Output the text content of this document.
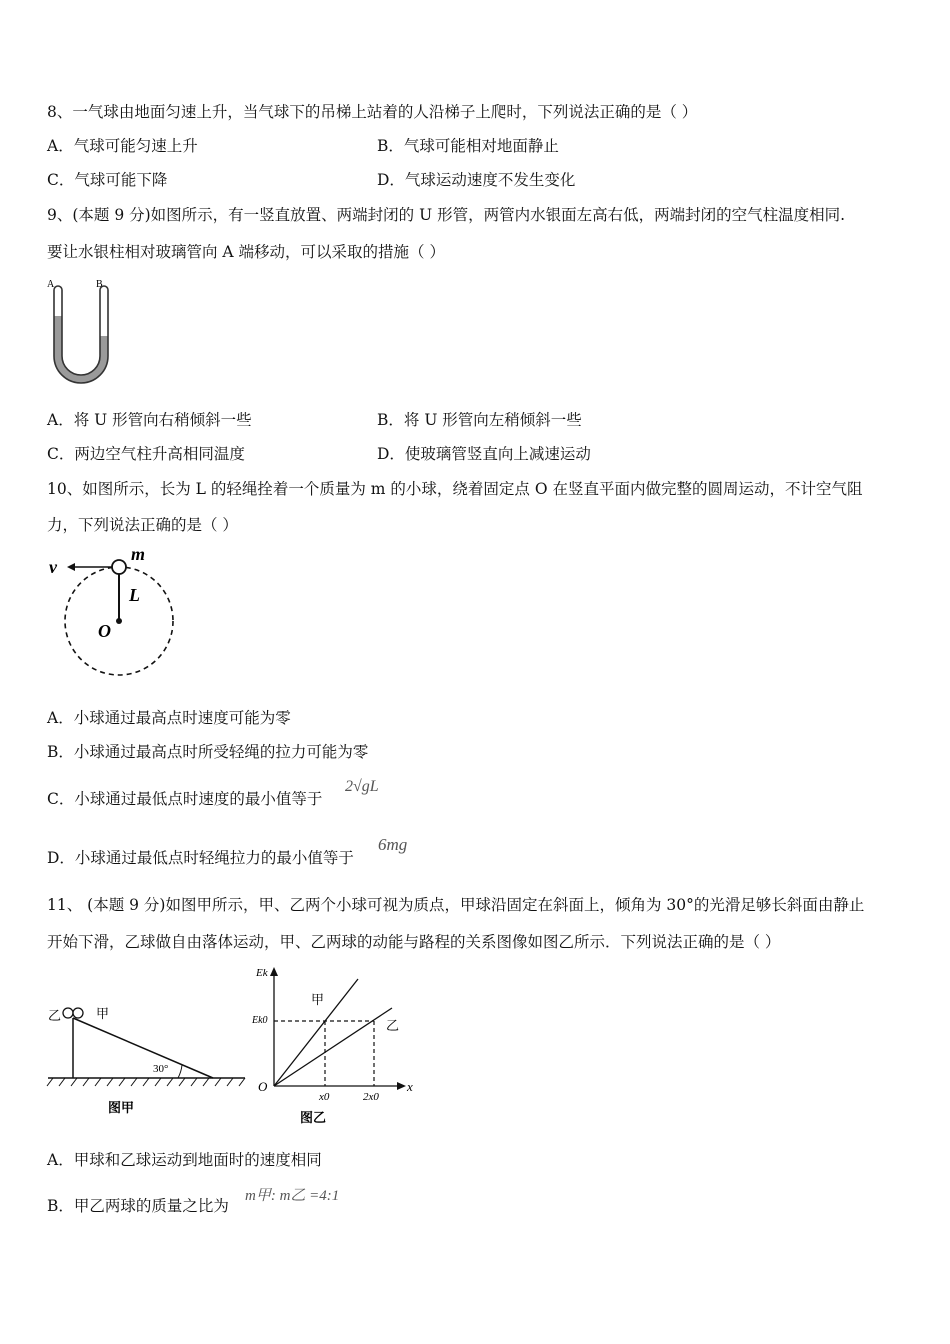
8、一气球由地面匀速上升，当气球下的吊梯上站着的人沿梯子上爬时，下列说法正确的是（ ）
A．气球可能匀速上升	B．气球可能相对地面静止
C．气球可能下降	D．气球运动速度不发生变化
9、(本题 9 分)如图所示，有一竖直放置、两端封闭的 U 形管，两管内水银面左高右低，两端封闭的空气柱温度相同.
要让水银柱相对玻璃管向 A 端移动，可以采取的措施（ ）
A	B
A．将 U 形管向右稍倾斜一些	B．将 U 形管向左稍倾斜一些
C．两边空气柱升高相同温度	D．使玻璃管竖直向上减速运动
10、如图所示，长为 L 的轻绳拴着一个质量为 m 的小球，绕着固定点 O 在竖直平面内做完整的圆周运动，不计空气阻
力，下列说法正确的是（ ）
v
m
L
O
A．小球通过最高点时速度可能为零
B．小球通过最高点时所受轻绳的拉力可能为零
C．小球通过最低点时速度的最小值等于
2√gL
D．小球通过最低点时轻绳拉力的最小值等于
6mg
11、 (本题 9 分)如图甲所示，甲、乙两个小球可视为质点，甲球沿固定在斜面上，倾角为 30°的光滑足够长斜面由静止
开始下滑，乙球做自由落体运动，甲、乙两球的动能与路程的关系图像如图乙所示．下列说法正确的是（ ）
乙	甲
30°
图甲
Ek
Ek0
甲
乙
O
x0	2x0
x
图乙
A．甲球和乙球运动到地面时的速度相同
B．甲乙两球的质量之比为
m甲: m乙 =4:1
